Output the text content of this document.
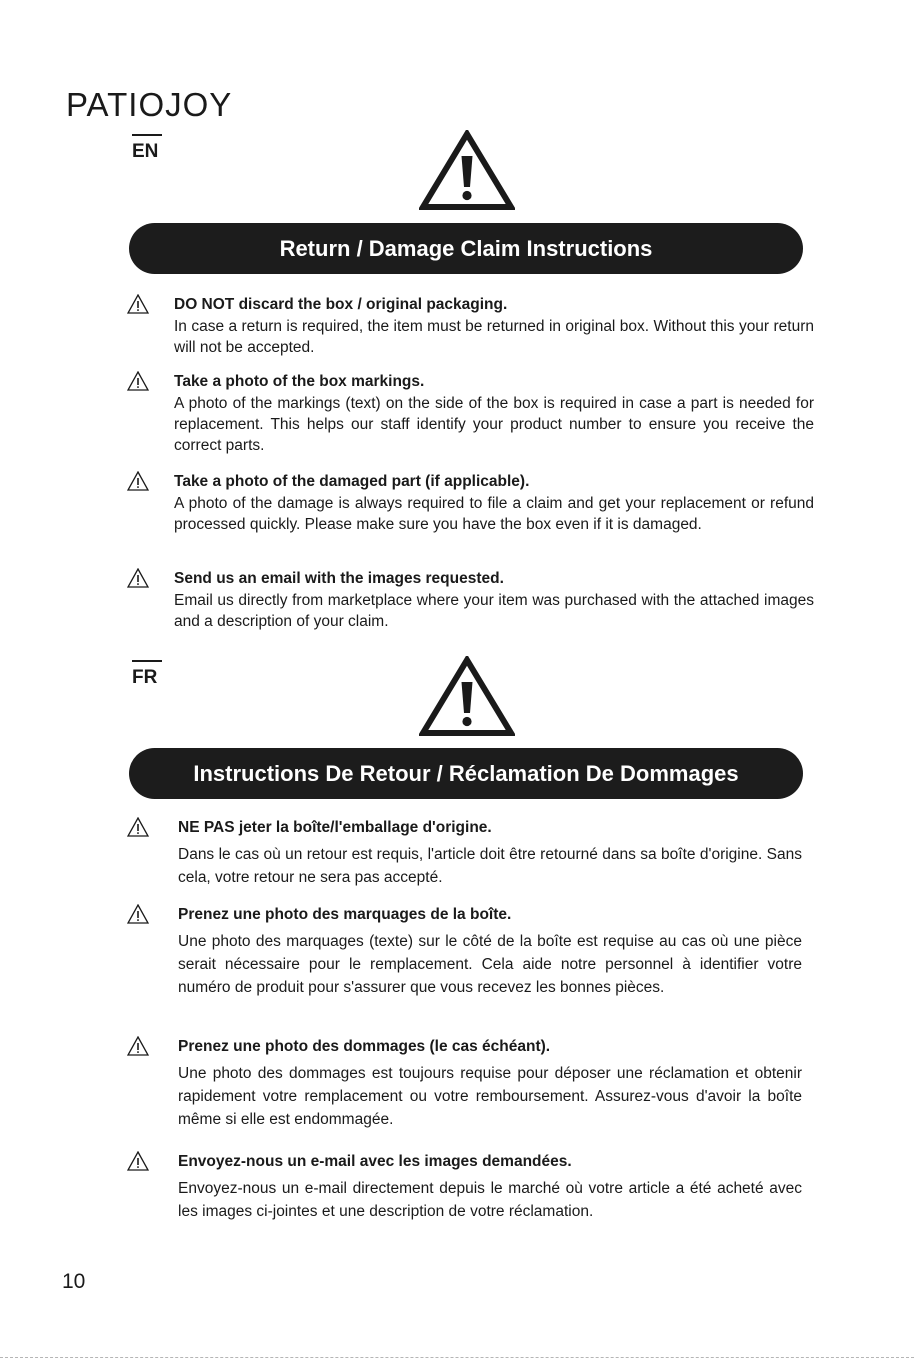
PATIOJOY
EN
Return / Damage Claim Instructions
DO NOT discard the box / original packaging.
In case a return is required, the item must be returned in original box. Without this your return will not be accepted.
Take a photo of the box markings.
A photo of the markings (text) on the side of the box is required in case a part is needed for replacement. This helps our staff identify your product number to ensure you receive the correct parts.
Take a photo of the damaged part (if applicable).
A photo of the damage is always required to file a claim and get your replacement or refund processed quickly. Please make sure you have the box even if it is damaged.
Send us an email with the images requested.
Email us directly from marketplace where your item was purchased with the attached images and a description of your claim.
FR
Instructions De Retour / Réclamation De Dommages
NE PAS jeter la boîte/l'emballage d'origine.
Dans le cas où un retour est requis, l'article doit être retourné dans sa boîte d'origine. Sans cela, votre retour ne sera pas accepté.
Prenez une photo des marquages de la boîte.
Une photo des marquages (texte) sur le côté de la boîte est requise au cas où une pièce serait nécessaire pour le remplacement. Cela aide notre personnel à identifier votre numéro de produit pour s'assurer que vous recevez les bonnes pièces.
Prenez une photo des dommages (le cas échéant).
Une photo des dommages est toujours requise pour déposer une réclamation et obtenir rapidement votre remplacement ou votre remboursement. Assurez-vous d'avoir la boîte même si elle est endommagée.
Envoyez-nous un e-mail avec les images demandées.
Envoyez-nous un e-mail directement depuis le marché où votre article a été acheté avec les images ci-jointes et une description de votre réclamation.
10
